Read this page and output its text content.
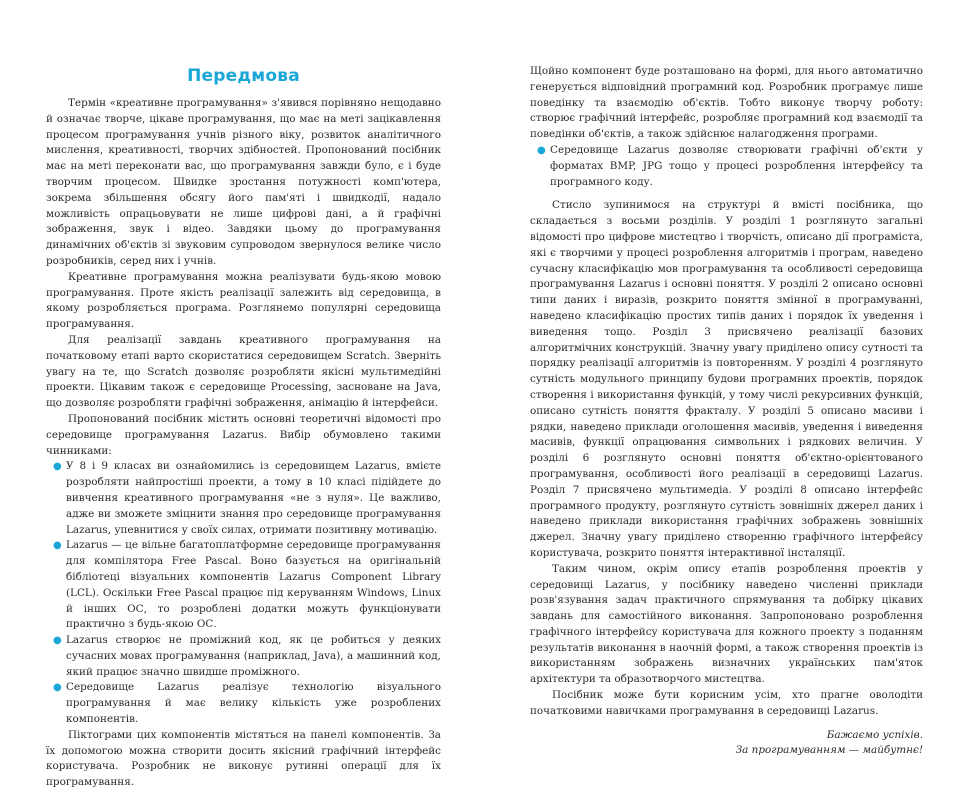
Передмова

Термін «креативне програмування» з'явився порівняно нещодавно й означає творче, цікаве програмування, що має на меті зацікавлення процесом програмування учнів різного віку, розвиток аналітичного мислення, креативності, творчих здібностей. Пропонований посібник має на меті переконати вас, що програмування завжди було, є і буде творчим процесом. Швидке зростання потужності комп'ютера, зокрема збільшення обсягу його пам'яті і швидкодії, надало можливість опрацьовувати не лише цифрові дані, а й графічні зображення, звук і відео. Завдяки цьому до програмування динамічних об'єктів зі звуковим супроводом звернулося велике число розробників, серед них і учнів.

Креативне програмування можна реалізувати будь-якою мовою програмування. Проте якість реалізації залежить від середовища, в якому розробляється програма. Розглянемо популярні середовища програмування.

Для реалізації завдань креативного програмування на початковому етапі варто скористатися середовищем Scratch. Зверніть увагу на те, що Scratch дозволяє розробляти якісні мультимедійні проекти. Цікавим також є середовище Processing, засноване на Java, що дозволяє розробляти графічні зображення, анімацію й інтерфейси.

Пропонований посібник містить основні теоретичні відомості про середовище програмування Lazarus. Вибір обумовлено такими чинниками:

● У 8 і 9 класах ви ознайомились із середовищем Lazarus, вмієте розробляти найпростіші проекти, а тому в 10 класі підійдете до вивчення креативного програмування «не з нуля». Це важливо, адже ви зможете зміцнити знання про середовище програмування Lazarus, упевнитися у своїх силах, отримати позитивну мотивацію.
● Lazarus — це вільне багатоплатформне середовище програмування для компілятора Free Pascal. Воно базується на оригінальній бібліотеці візуальних компонентів Lazarus Component Library (LCL). Оскільки Free Pascal працює під керуванням Windows, Linux й інших ОС, то розроблені додатки можуть функціонувати практично з будь-якою ОС.
● Lazarus створює не проміжний код, як це робиться у деяких сучасних мовах програмування (наприклад, Java), а машинний код, який працює значно швидше проміжного.
● Середовище Lazarus реалізує технологію візуального програмування й має велику кількість уже розроблених компонентів.

Піктограми цих компонентів містяться на панелі компонентів. За їх допомогою можна створити досить якісний графічний інтерфейс користувача. Розробник не виконує рутинні операції для їх програмування.

Щойно компонент буде розташовано на формі, для нього автоматично генерується відповідний програмний код. Розробник програмує лише поведінку та взаємодію об'єктів. Тобто виконує творчу роботу: створює графічний інтерфейс, розробляє програмний код взаємодії та поведінки об'єктів, а також здійснює налагодження програми.

● Середовище Lazarus дозволяє створювати графічні об'єкти у форматах BMP, JPG тощо у процесі розроблення інтерфейсу та програмного коду.

Стисло зупинимося на структурі й вмісті посібника, що складається з восьми розділів. У розділі 1 розглянуто загальні відомості про цифрове мистецтво і творчість, описано дії програміста, які є творчими у процесі розроблення алгоритмів і програм, наведено сучасну класифікацію мов програмування та особливості середовища програмування Lazarus і основні поняття. У розділі 2 описано основні типи даних і виразів, розкрито поняття змінної в програмуванні, наведено класифікацію простих типів даних і порядок їх уведення і виведення тощо. Розділ 3 присвячено реалізації базових алгоритмічних конструкцій. Значну увагу приділено опису сутності та порядку реалізації алгоритмів із повторенням. У розділі 4 розглянуто сутність модульного принципу будови програмних проектів, порядок створення і використання функцій, у тому числі рекурсивних функцій, описано сутність поняття фракталу. У розділі 5 описано масиви і рядки, наведено приклади оголошення масивів, уведення і виведення масивів, функції опрацювання символьних і рядкових величин. У розділі 6 розглянуто основні поняття об'єктно-орієнтованого програмування, особливості його реалізації в середовищі Lazarus. Розділ 7 присвячено мультимедіа. У розділі 8 описано інтерфейс програмного продукту, розглянуто сутність зовнішніх джерел даних і наведено приклади використання графічних зображень зовнішніх джерел. Значну увагу приділено створенню графічного інтерфейсу користувача, розкрито поняття інтерактивної інсталяції.

Таким чином, окрім опису етапів розроблення проектів у середовищі Lazarus, у посібнику наведено численні приклади розв'язування задач практичного спрямування та добірку цікавих завдань для самостійного виконання. Запропоновано розроблення графічного інтерфейсу користувача для кожного проекту з поданням результатів виконання в наочній формі, а також створення проектів із використанням зображень визначних українських пам'яток архітектури та образотворчого мистецтва.

Посібник може бути корисним усім, хто прагне оволодіти початковими навичками програмування в середовищі Lazarus.

Бажаємо успіхів.

За програмуванням — майбутнє!
